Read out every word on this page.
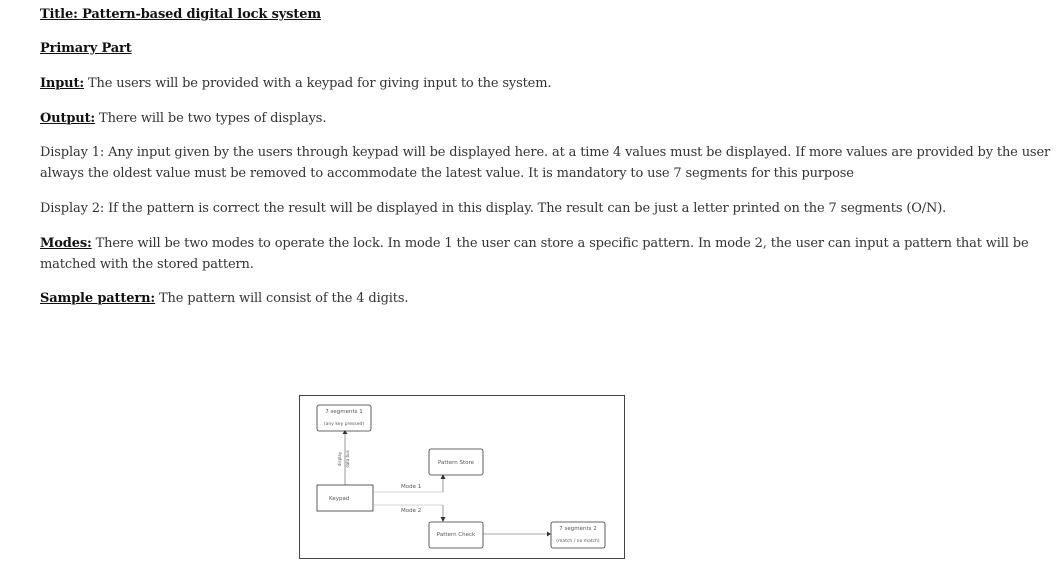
Title: Pattern-based digital lock system
Primary Part
Input: The users will be provided with a keypad for giving input to the system.
Output: There will be two types of displays.
Display 1: Any input given by the users through keypad will be displayed here. at a time 4 values must be displayed. If more values are provided by the user always the oldest value must be removed to accommodate the latest value. It is mandatory to use 7 segments for this purpose
Display 2: If the pattern is correct the result will be displayed in this display. The result can be just a letter printed on the 7 segments (O/N).
Modes: There will be two modes to operate the lock. In mode 1 the user can store a specific pattern. In mode 2, the user can input a pattern that will be matched with the stored pattern.
Sample pattern: The pattern will consist of the 4 digits.
7 segments 1
(any key pressed)
display data bus
Keypad
Mode 1
Mode 2
Pattern Store
Pattern Check
7 segments 2
(match / no match)
